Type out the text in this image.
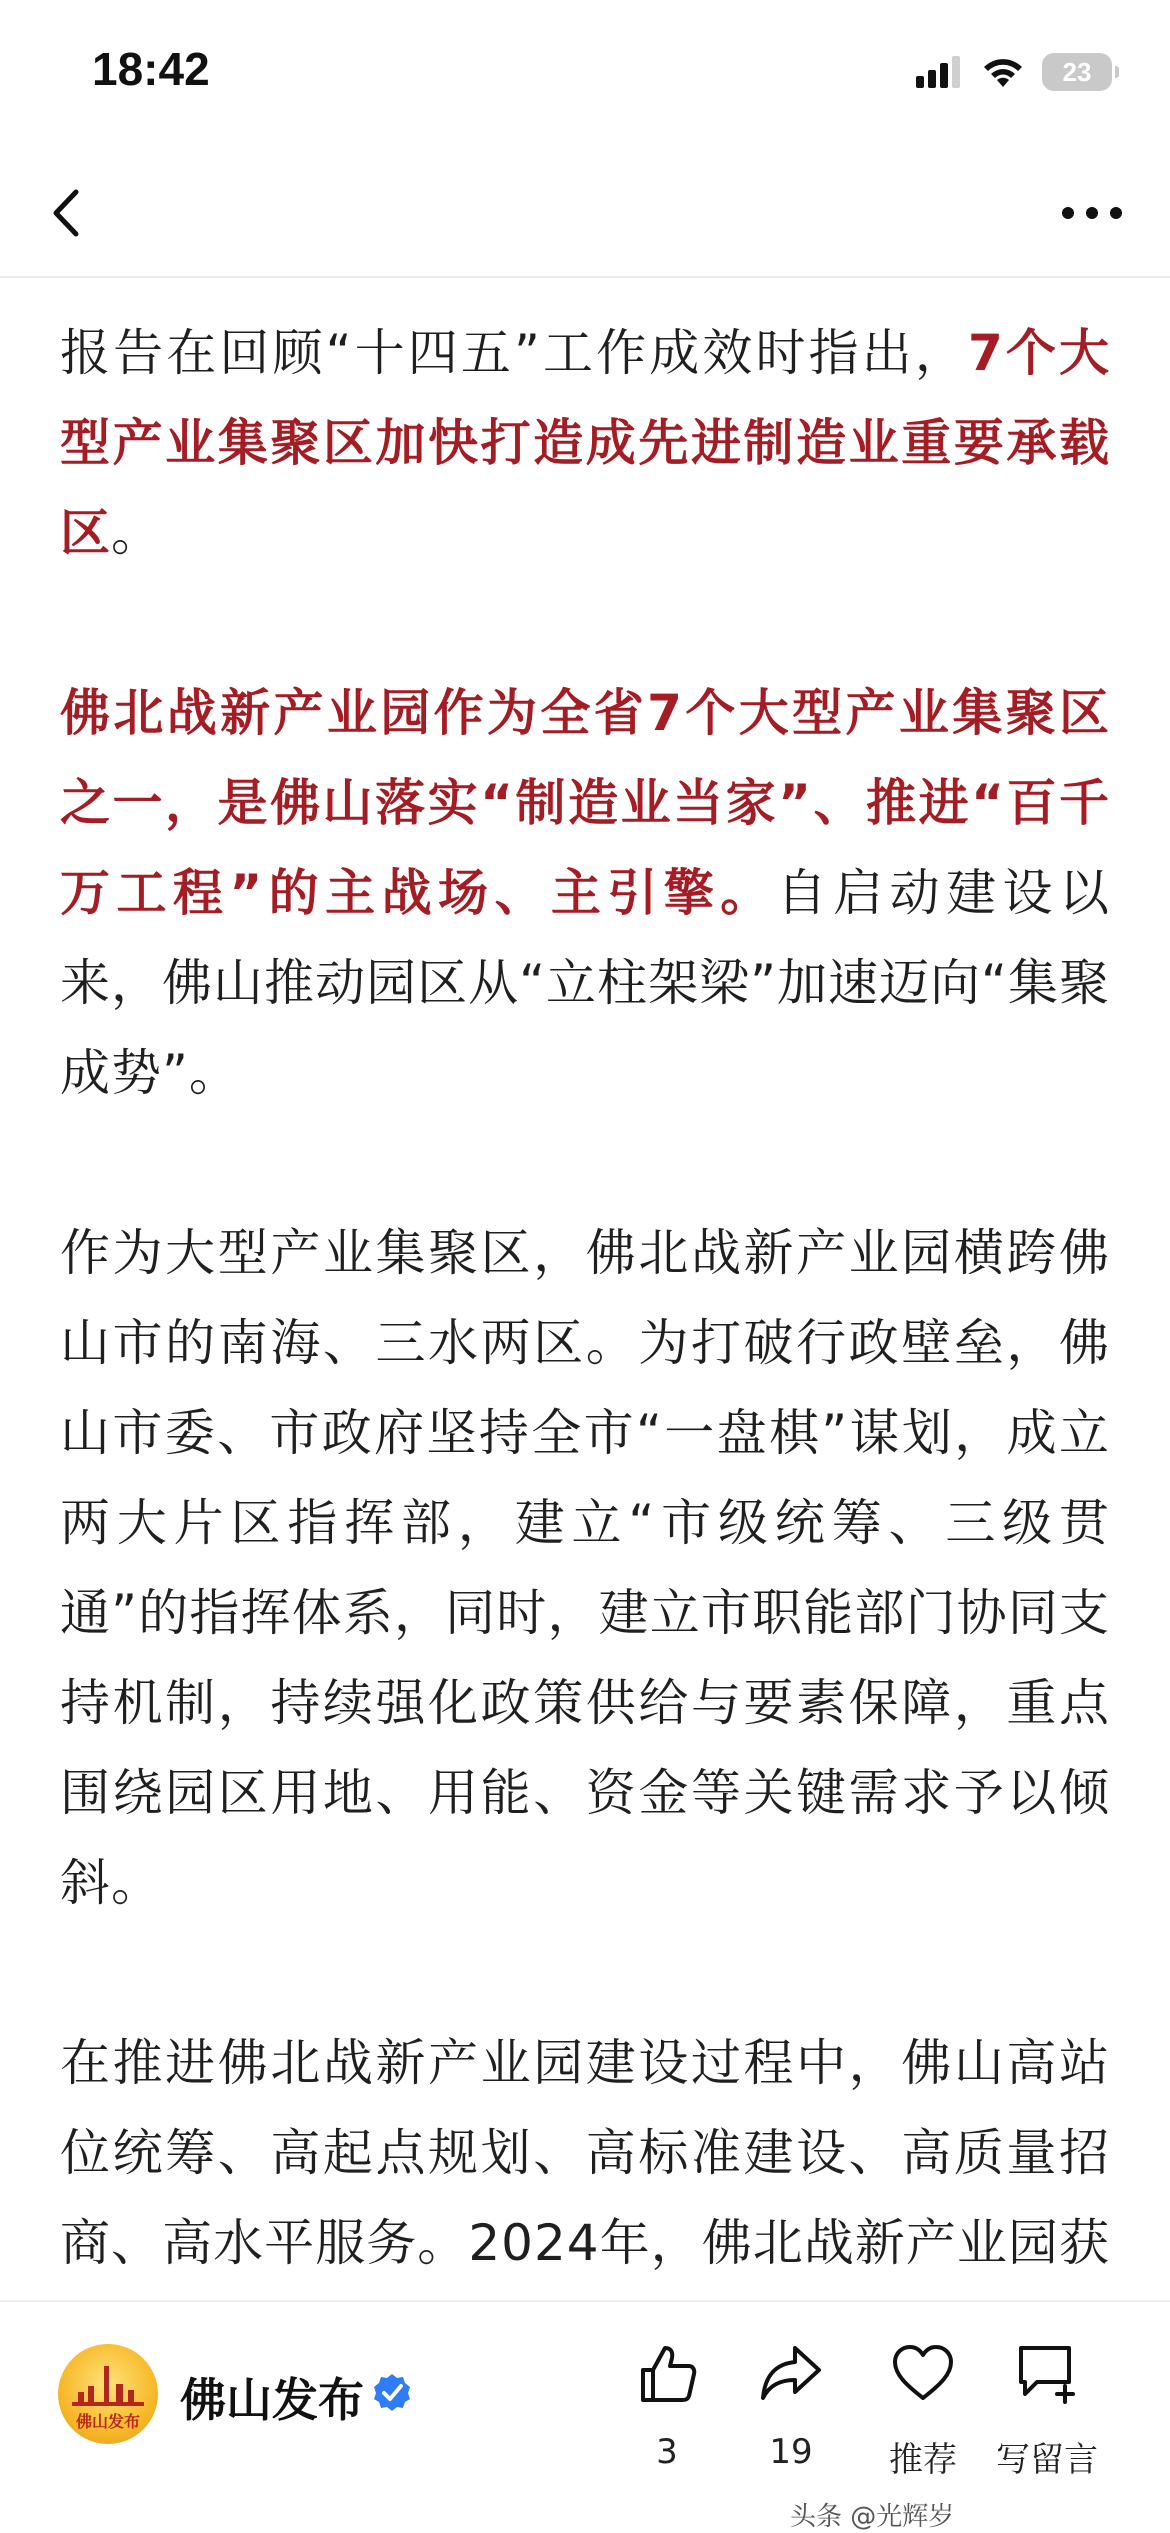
18:42	23

报告在回顾“十四五”工作成效时指出，7个大型产业集聚区加快打造成先进制造业重要承载区。

佛北战新产业园作为全省7个大型产业集聚区之一，是佛山落实“制造业当家”、推进“百千万工程”的主战场、主引擎。自启动建设以来，佛山推动园区从“立柱架梁”加速迈向“集聚成势”。

作为大型产业集聚区，佛北战新产业园横跨佛山市的南海、三水两区。为打破行政壁垒，佛山市委、市政府坚持全市“一盘棋”谋划，成立两大片区指挥部，建立“市级统筹、三级贯通”的指挥体系，同时，建立市职能部门协同支持机制，持续强化政策供给与要素保障，重点围绕园区用地、用能、资金等关键需求予以倾斜。

在推进佛北战新产业园建设过程中，佛山高站位统筹、高起点规划、高标准建设、高质量招商、高水平服务。2024年，佛北战新产业园获

佛山发布 佛山发布
3	19	推荐	写留言
头条 @光辉岁
